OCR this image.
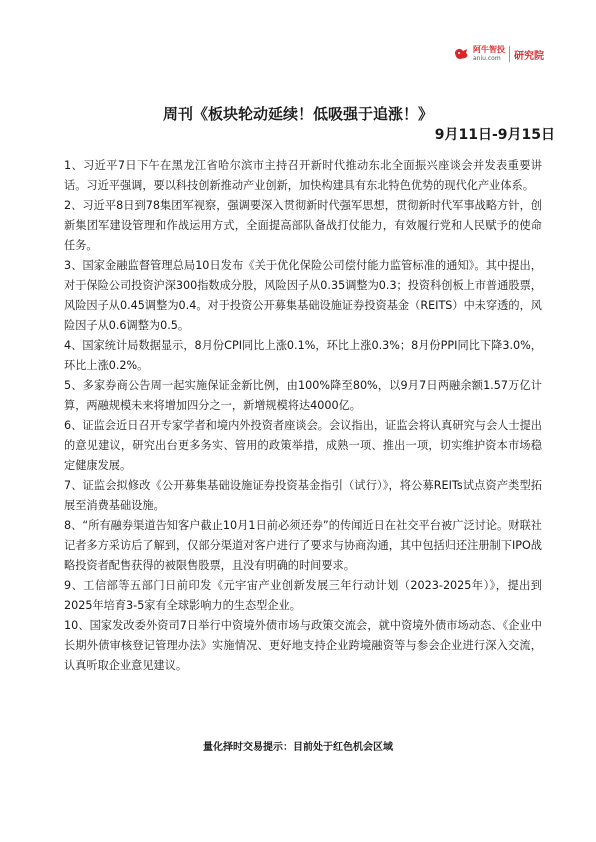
阿牛智投
aniu.com	研究院
周刊《板块轮动延续！低吸强于追涨！》
9月11日-9月15日

1、习近平7日下午在黑龙江省哈尔滨市主持召开新时代推动东北全面振兴座谈会并发表重要讲话。习近平强调，要以科技创新推动产业创新，加快构建具有东北特色优势的现代化产业体系。

2、习近平8日到78集团军视察，强调要深入贯彻新时代强军思想，贯彻新时代军事战略方针，创新集团军建设管理和作战运用方式，全面提高部队备战打仗能力，有效履行党和人民赋予的使命任务。

3、国家金融监督管理总局10日发布《关于优化保险公司偿付能力监管标准的通知》。其中提出，对于保险公司投资沪深300指数成分股，风险因子从0.35调整为0.3；投资科创板上市普通股票，风险因子从0.45调整为0.4。对于投资公开募集基础设施证券投资基金（REITS）中未穿透的，风险因子从0.6调整为0.5。

4、国家统计局数据显示，8月份CPI同比上涨0.1%，环比上涨0.3%；8月份PPI同比下降3.0%，环比上涨0.2%。

5、多家券商公告周一起实施保证金新比例，由100%降至80%，以9月7日两融余额1.57万亿计算，两融规模未来将增加四分之一，新增规模将达4000亿。

6、证监会近日召开专家学者和境内外投资者座谈会。会议指出，证监会将认真研究与会人士提出的意见建议，研究出台更多务实、管用的政策举措，成熟一项、推出一项，切实维护资本市场稳定健康发展。

7、证监会拟修改《公开募集基础设施证券投资基金指引（试行）》，将公募REITs试点资产类型拓展至消费基础设施。

8、“所有融券渠道告知客户截止10月1日前必须还券”的传闻近日在社交平台被广泛讨论。财联社记者多方采访后了解到，仅部分渠道对客户进行了要求与协商沟通，其中包括归还注册制下IPO战略投资者配售获得的被限售股票，且没有明确的时间要求。

9、工信部等五部门日前印发《元宇宙产业创新发展三年行动计划（2023-2025年）》，提出到2025年培育3-5家有全球影响力的生态型企业。

10、国家发改委外资司7日举行中资境外债市场与政策交流会，就中资境外债市场动态、《企业中长期外债审核登记管理办法》实施情况、更好地支持企业跨境融资等与参会企业进行深入交流，认真听取企业意见建议。

量化择时交易提示：目前处于红色机会区域
